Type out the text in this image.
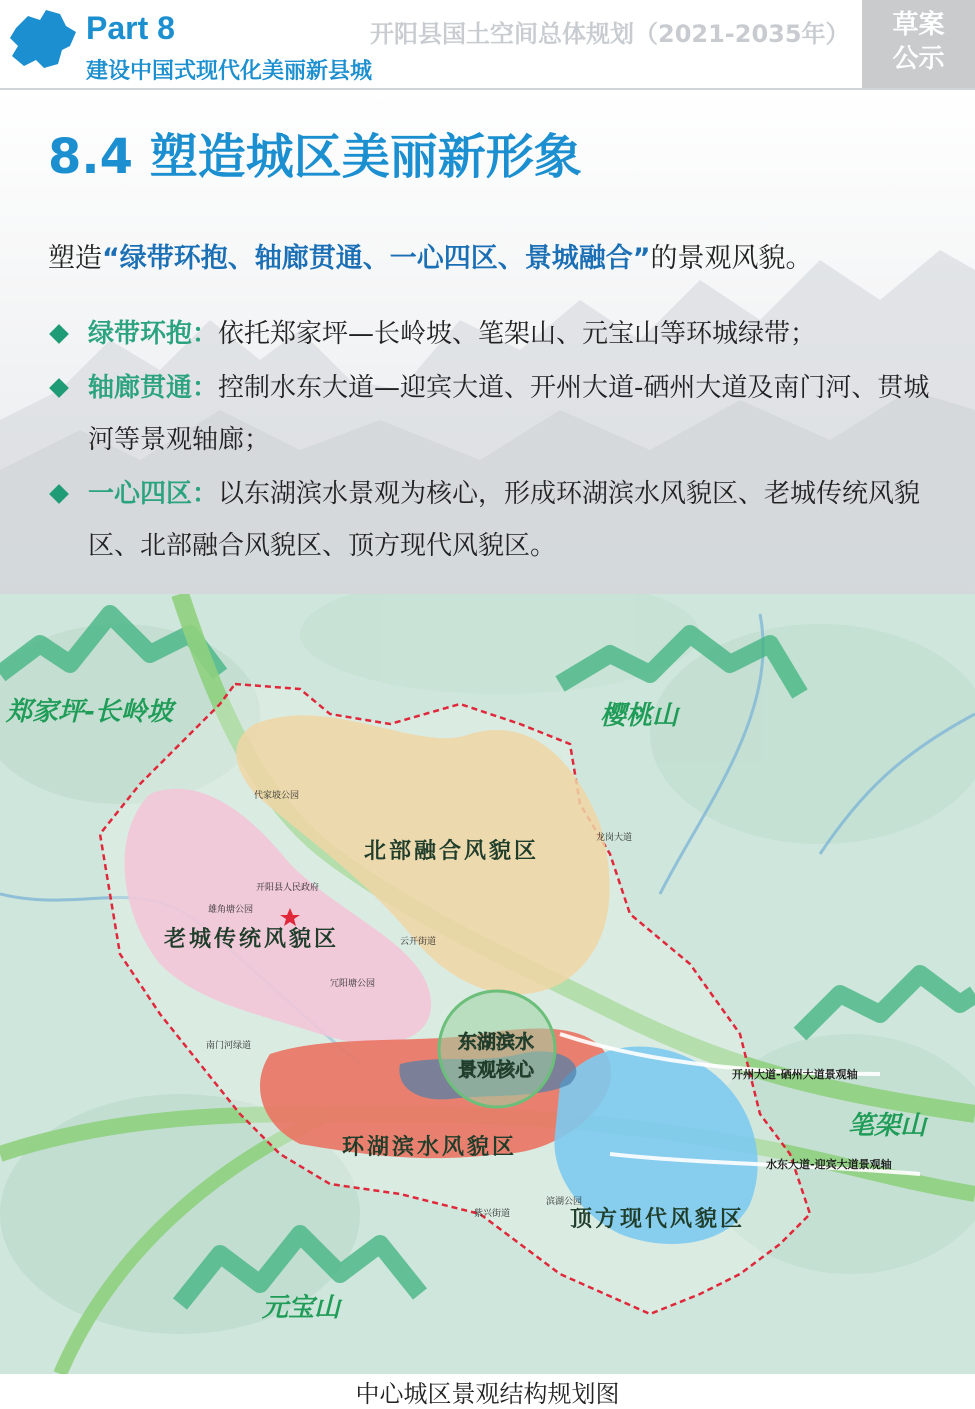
Part 8
建设中国式现代化美丽新县城
开阳县国土空间总体规划（2021-2035年）	草案
公示
8.4 塑造城区美丽新形象
塑造“绿带环抱、轴廊贯通、一心四区、景城融合”的景观风貌。
绿带环抱：依托郑家坪—长岭坡、笔架山、元宝山等环城绿带；
轴廊贯通：控制水东大道—迎宾大道、开州大道-硒州大道及南门河、贯城河等景观轴廊；
一心四区：以东湖滨水景观为核心，形成环湖滨水风貌区、老城传统风貌区、北部融合风貌区、顶方现代风貌区。
郑家坪-长岭坡	樱桃山
笔架山
元宝山
北部融合风貌区
老城传统风貌区
环湖滨水风貌区
顶方现代风貌区
东湖滨水
景观核心	开州大道-硒州大道景观轴
水东大道-迎宾大道景观轴
开阳县人民政府
代家坡公园
雄角塘公园
冗阳塘公园
南门河绿道
云开街道
紫兴街道
滨湖公园
龙岗大道
中心城区景观结构规划图
